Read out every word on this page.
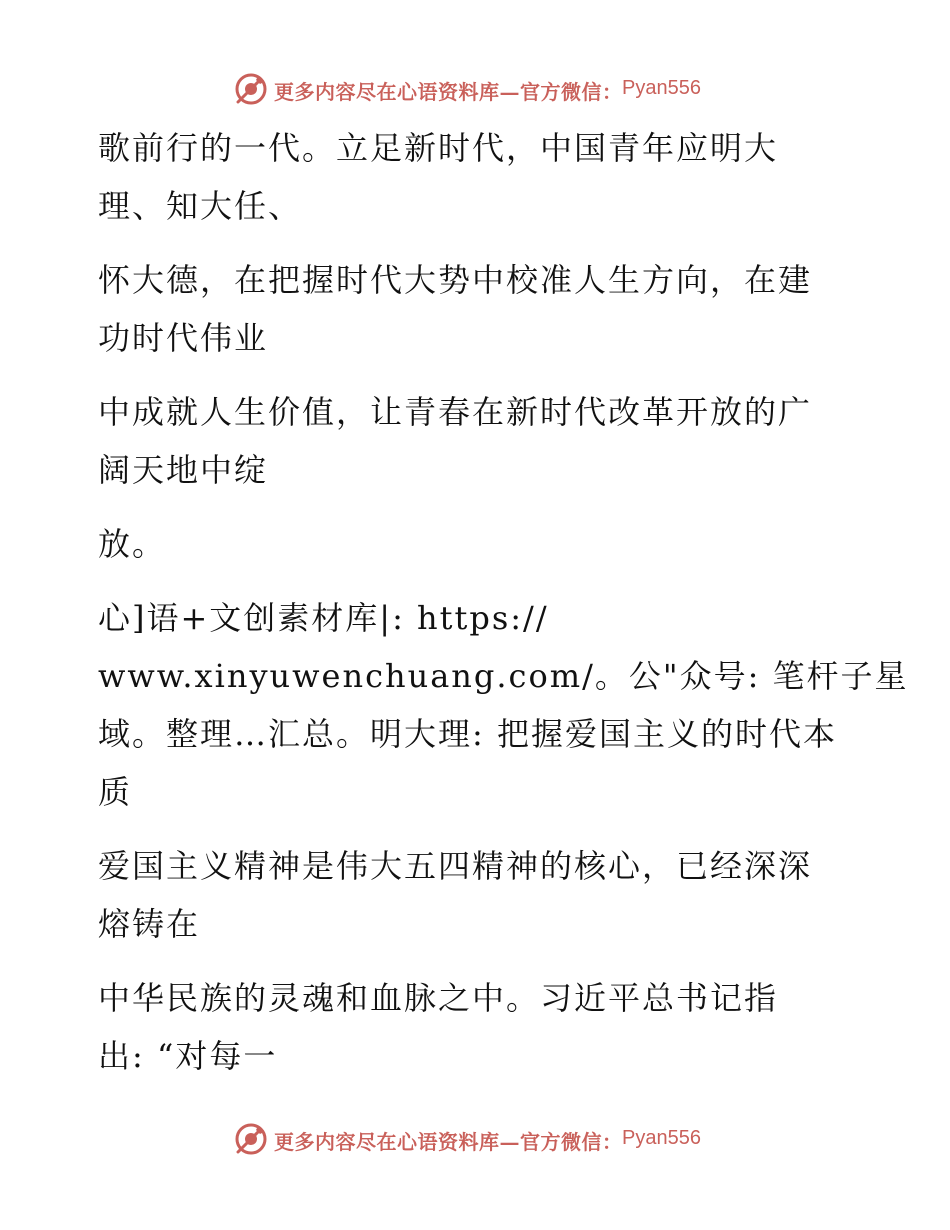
更多内容尽在心语资料库—官方微信： Pyan556
歌前行的一代。立足新时代，中国青年应明大
理、知大任、
怀大德，在把握时代大势中校准人生方向，在建
功时代伟业
中成就人生价值，让青春在新时代改革开放的广
阔天地中绽
放。
心]语+文创素材库|: https://
www.xinyuwenchuang.com/。公"众号: 笔杆子星
域。整理…汇总。明大理: 把握爱国主义的时代本
质
爱国主义精神是伟大五四精神的核心，已经深深
熔铸在
中华民族的灵魂和血脉之中。习近平总书记指
出: “对每一
更多内容尽在心语资料库—官方微信： Pyan556
